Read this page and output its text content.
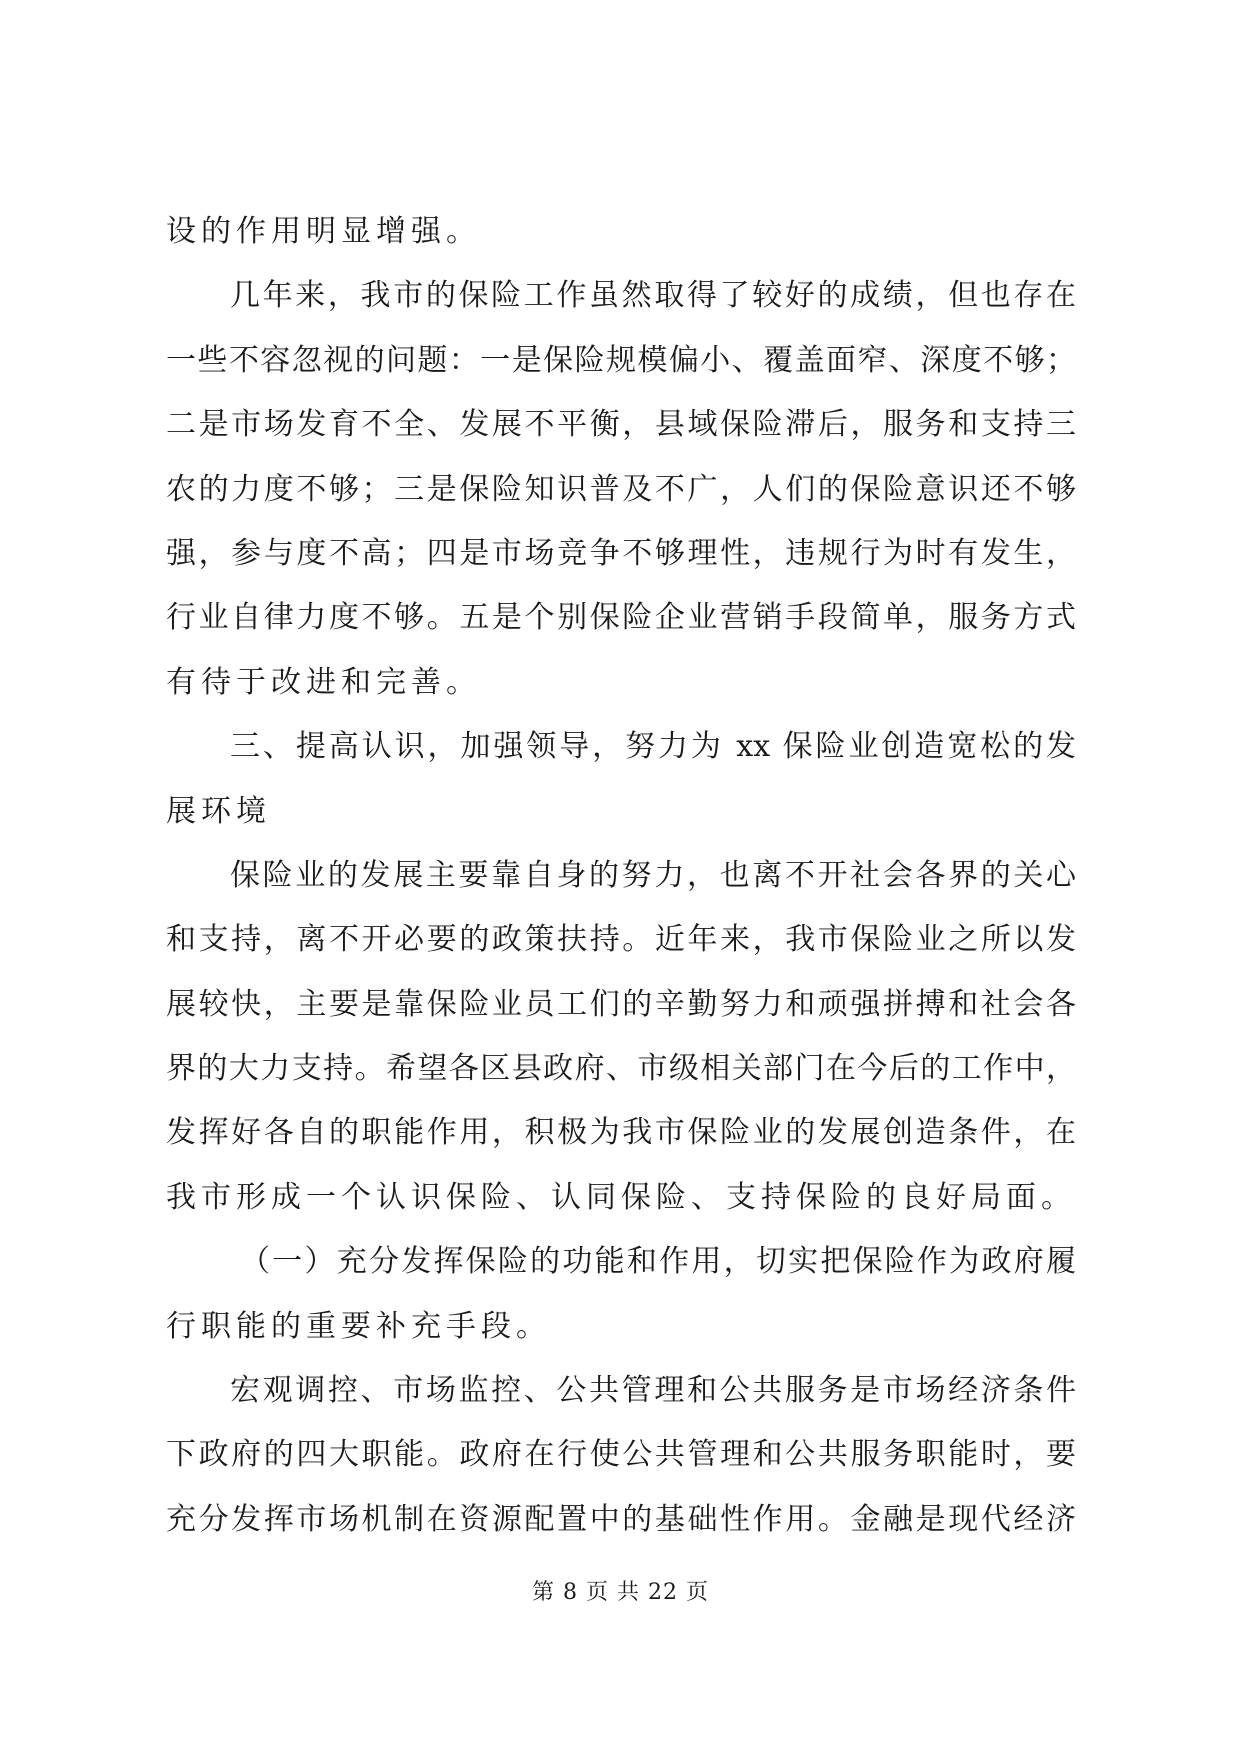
设的作用明显增强。
几年来，我市的保险工作虽然取得了较好的成绩，但也存在
一些不容忽视的问题：一是保险规模偏小、覆盖面窄、深度不够；
二是市场发育不全、发展不平衡，县域保险滞后，服务和支持三
农的力度不够；三是保险知识普及不广，人们的保险意识还不够
强，参与度不高；四是市场竞争不够理性，违规行为时有发生，
行业自律力度不够。五是个别保险企业营销手段简单，服务方式
有待于改进和完善。
三、提高认识，加强领导，努力为 xx 保险业创造宽松的发
展环境
保险业的发展主要靠自身的努力，也离不开社会各界的关心
和支持，离不开必要的政策扶持。近年来，我市保险业之所以发
展较快，主要是靠保险业员工们的辛勤努力和顽强拼搏和社会各
界的大力支持。希望各区县政府、市级相关部门在今后的工作中，
发挥好各自的职能作用，积极为我市保险业的发展创造条件，在
我市形成一个认识保险、认同保险、支持保险的良好局面。
（一）充分发挥保险的功能和作用，切实把保险作为政府履
行职能的重要补充手段。
宏观调控、市场监控、公共管理和公共服务是市场经济条件
下政府的四大职能。政府在行使公共管理和公共服务职能时，要
充分发挥市场机制在资源配置中的基础性作用。金融是现代经济
第 8 页 共 22 页
